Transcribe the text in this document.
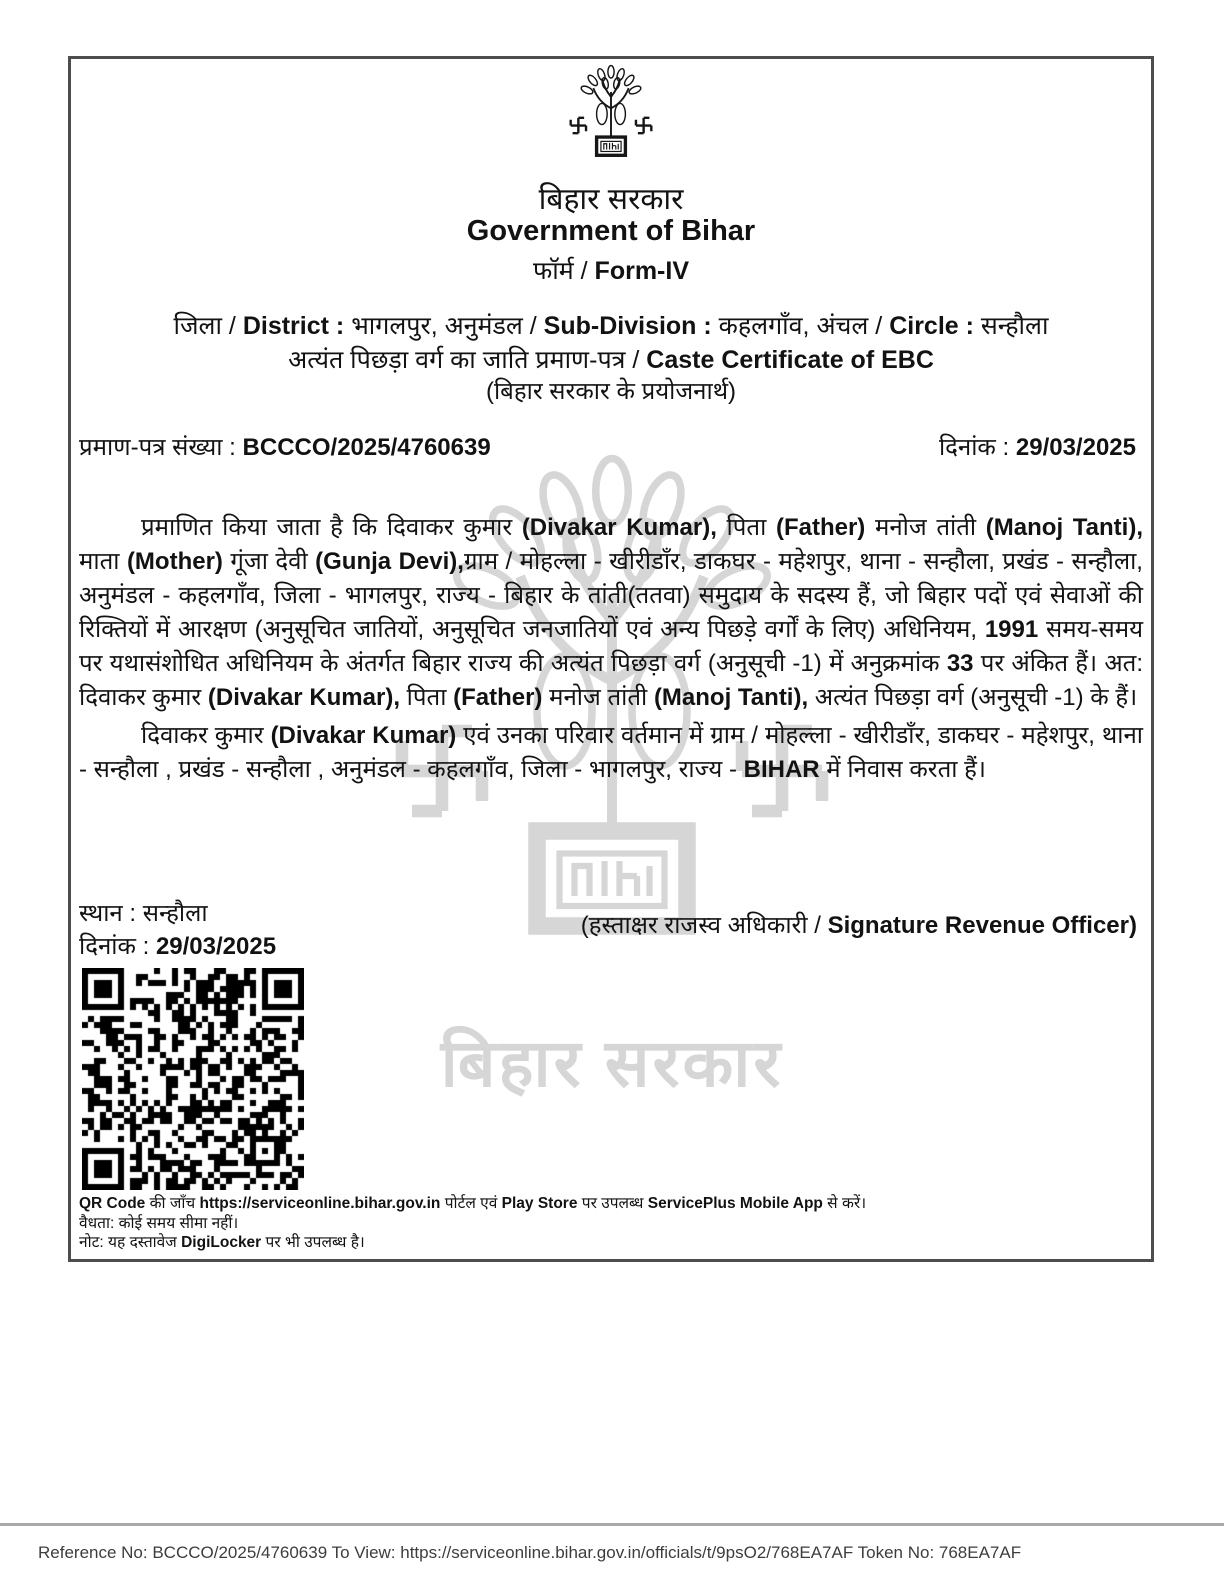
बिहार सरकार
बिहार सरकार
Government of Bihar
फॉर्म / Form-IV
जिला / District : भागलपुर, अनुमंडल / Sub-Division : कहलगाँव, अंचल / Circle : सन्हौला
अत्यंत पिछड़ा वर्ग का जाति प्रमाण-पत्र / Caste Certificate of EBC
(बिहार सरकार के प्रयोजनार्थ)
प्रमाण-पत्र संख्या : BCCCO/2025/4760639	दिनांक : 29/03/2025

प्रमाणित किया जाता है कि दिवाकर कुमार (Divakar Kumar), पिता (Father) मनोज तांती (Manoj Tanti), माता (Mother) गूंजा देवी (Gunja Devi),ग्राम / मोहल्ला - खीरीडाँर, डाकघर - महेशपुर, थाना - सन्हौला, प्रखंड - सन्हौला, अनुमंडल - कहलगाँव, जिला - भागलपुर, राज्य - बिहार के तांती(ततवा) समुदाय के सदस्य हैं, जो बिहार पदों एवं सेवाओं की रिक्तियों में आरक्षण (अनुसूचित जातियों, अनुसूचित जनजातियों एवं अन्य पिछड़े वर्गों के लिए) अधिनियम, 1991 समय-समय पर यथासंशोधित अधिनियम के अंतर्गत बिहार राज्य की अत्यंत पिछड़ा वर्ग (अनुसूची -1) में अनुक्रमांक 33 पर अंकित हैं। अत: दिवाकर कुमार (Divakar Kumar), पिता (Father) मनोज तांती (Manoj Tanti), अत्यंत पिछड़ा वर्ग (अनुसूची -1) के हैं।

दिवाकर कुमार (Divakar Kumar) एवं उनका परिवार वर्तमान में ग्राम / मोहल्ला - खीरीडाँर, डाकघर - महेशपुर, थाना - सन्हौला , प्रखंड - सन्हौला , अनुमंडल - कहलगाँव, जिला - भागलपुर, राज्य - BIHAR में निवास करता हैं।

स्थान : सन्हौला
दिनांक : 29/03/2025
(हस्ताक्षर राजस्व अधिकारी / Signature Revenue Officer)
QR Code की जाँच https://serviceonline.bihar.gov.in पोर्टल एवं Play Store पर उपलब्ध ServicePlus Mobile App से करें।
वैधता: कोई समय सीमा नहीं।
नोट: यह दस्तावेज DigiLocker पर भी उपलब्ध है।
Reference No: BCCCO/2025/4760639 To View: https://serviceonline.bihar.gov.in/officials/t/9psO2/768EA7AF Token No: 768EA7AF
